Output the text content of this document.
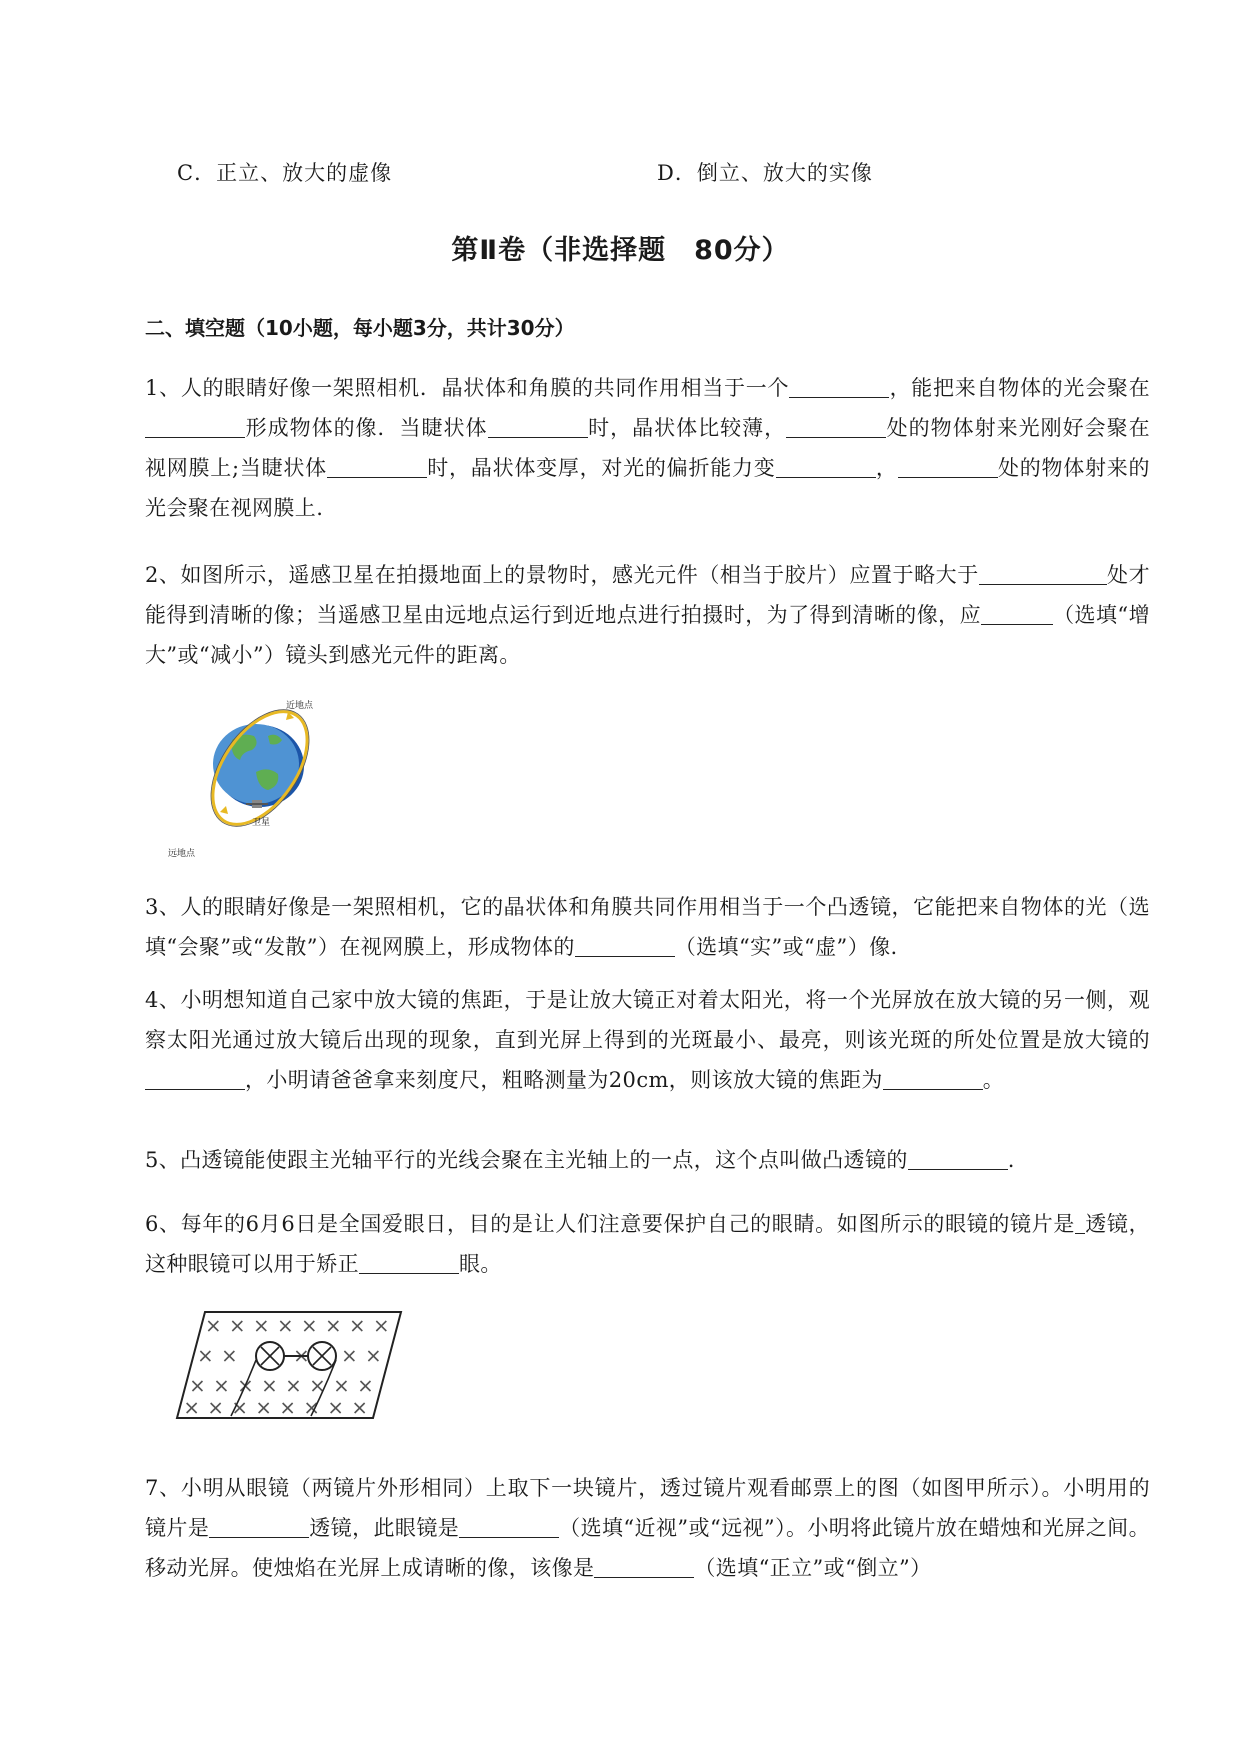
C．正立、放大的虚像	D．倒立、放大的实像
第Ⅱ卷（非选择题　80分）
二、填空题（10小题，每小题3分，共计30分）
1、人的眼睛好像一架照相机．晶状体和角膜的共同作用相当于一个	，能把来自物体的光会聚在形成物体的像．当睫状体	时，晶状体比较薄，	处的物体射来光刚好会聚在视网膜上;当睫状体	时，晶状体变厚，对光的偏折能力变	，	处的物体射来的光会聚在视网膜上.
2、如图所示，遥感卫星在拍摄地面上的景物时，感光元件（相当于胶片）应置于略大于	处才能得到清晰的像；当遥感卫星由远地点运行到近地点进行拍摄时，为了得到清晰的像，应	（选填“增大”或“减小”）镜头到感光元件的距离。
近地点
远地点
卫星
3、人的眼睛好像是一架照相机，它的晶状体和角膜共同作用相当于一个凸透镜，它能把来自物体的光（选填“会聚”或“发散”）在视网膜上，形成物体的	（选填“实”或“虚”）像.
4、小明想知道自己家中放大镜的焦距，于是让放大镜正对着太阳光，将一个光屏放在放大镜的另一侧，观察太阳光通过放大镜后出现的现象，直到光屏上得到的光斑最小、最亮，则该光斑的所处位置是放大镜的，小明请爸爸拿来刻度尺，粗略测量为20cm，则该放大镜的焦距为	。
5、凸透镜能使跟主光轴平行的光线会聚在主光轴上的一点，这个点叫做凸透镜的	.
6、每年的6月6日是全国爱眼日，目的是让人们注意要保护自己的眼睛。如图所示的眼镜的镜片是 透镜，这种眼镜可以用于矫正	眼。
7、小明从眼镜（两镜片外形相同）上取下一块镜片，透过镜片观看邮票上的图（如图甲所示）。小明用的镜片是	透镜，此眼镜是	（选填“近视”或“远视”）。小明将此镜片放在蜡烛和光屏之间。移动光屏。使烛焰在光屏上成请晰的像，该像是	（选填“正立”或“倒立”）
